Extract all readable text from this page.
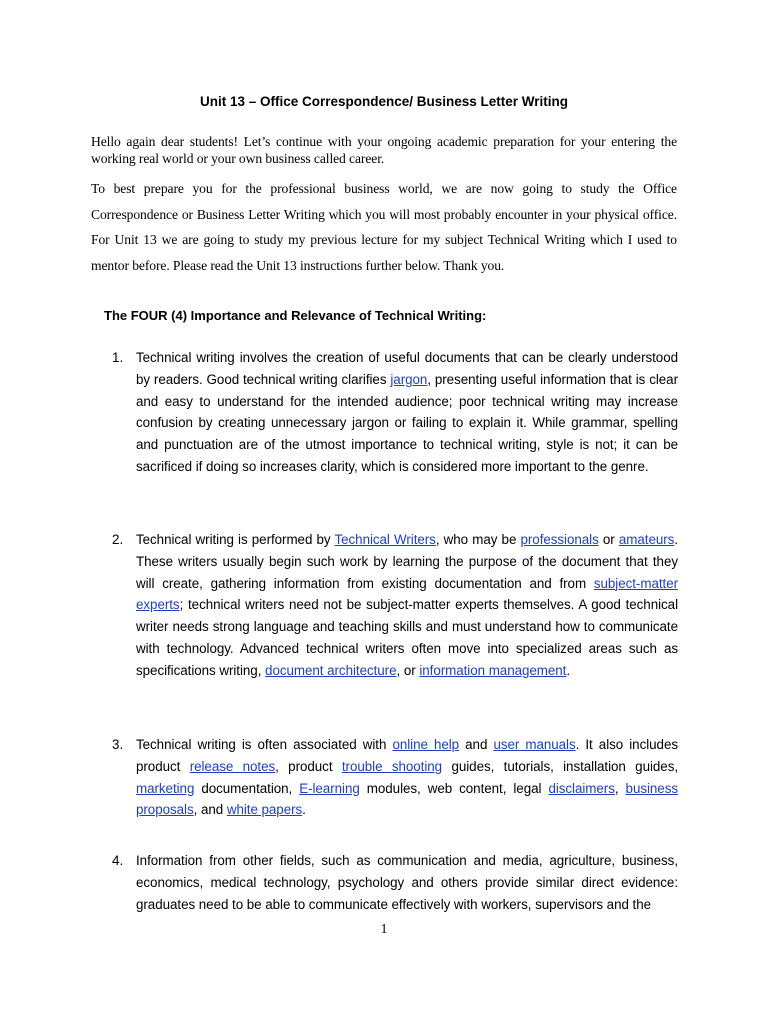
Unit 13 – Office Correspondence/ Business Letter Writing

Hello again dear students! Let’s continue with your ongoing academic preparation for your entering the working real world or your own business called career.

To best prepare you for the professional business world, we are now going to study the Office Correspondence or Business Letter Writing which you will most probably encounter in your physical office. For Unit 13 we are going to study my previous lecture for my subject Technical Writing which I used to mentor before. Please read the Unit 13 instructions further below. Thank you.

The FOUR (4) Importance and Relevance of Technical Writing:
1. Technical writing involves the creation of useful documents that can be clearly understood by readers. Good technical writing clarifies jargon, presenting useful information that is clear and easy to understand for the intended audience; poor technical writing may increase confusion by creating unnecessary jargon or failing to explain it. While grammar, spelling and punctuation are of the utmost importance to technical writing, style is not; it can be sacrificed if doing so increases clarity, which is considered more important to the genre.
2. Technical writing is performed by Technical Writers, who may be professionals or amateurs. These writers usually begin such work by learning the purpose of the document that they will create, gathering information from existing documentation and from subject-matter experts; technical writers need not be subject-matter experts themselves. A good technical writer needs strong language and teaching skills and must understand how to communicate with technology. Advanced technical writers often move into specialized areas such as specifications writing, document architecture, or information management.
3. Technical writing is often associated with online help and user manuals. It also includes product release notes, product trouble shooting guides, tutorials, installation guides, marketing documentation, E-learning modules, web content, legal disclaimers, business proposals, and white papers.
4. Information from other fields, such as communication and media, agriculture, business, economics, medical technology, psychology and others provide similar direct evidence: graduates need to be able to communicate effectively with workers, supervisors and the
1
